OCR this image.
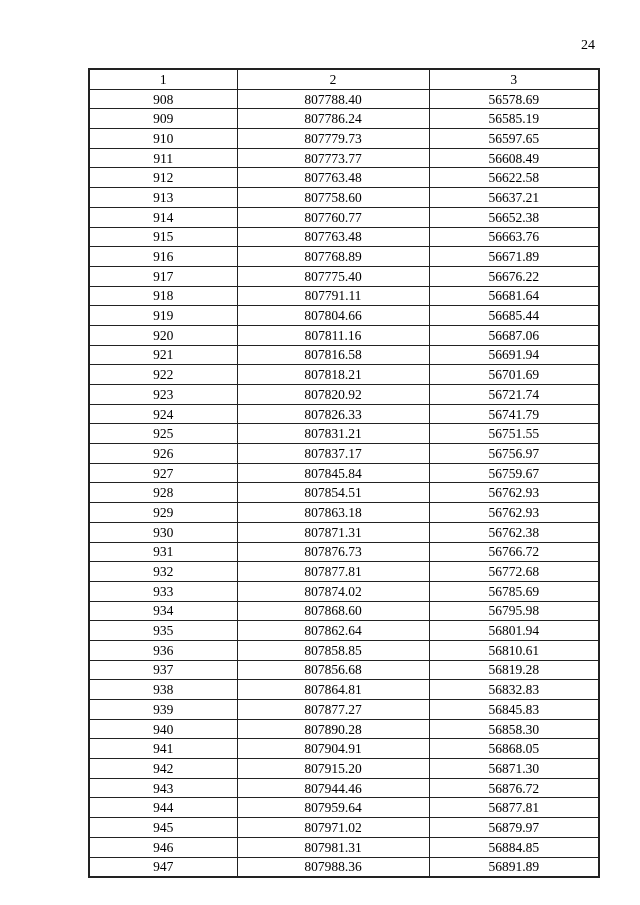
24
1	2	3
908	807788.40	56578.69
909	807786.24	56585.19
910	807779.73	56597.65
911	807773.77	56608.49
912	807763.48	56622.58
913	807758.60	56637.21
914	807760.77	56652.38
915	807763.48	56663.76
916	807768.89	56671.89
917	807775.40	56676.22
918	807791.11	56681.64
919	807804.66	56685.44
920	807811.16	56687.06
921	807816.58	56691.94
922	807818.21	56701.69
923	807820.92	56721.74
924	807826.33	56741.79
925	807831.21	56751.55
926	807837.17	56756.97
927	807845.84	56759.67
928	807854.51	56762.93
929	807863.18	56762.93
930	807871.31	56762.38
931	807876.73	56766.72
932	807877.81	56772.68
933	807874.02	56785.69
934	807868.60	56795.98
935	807862.64	56801.94
936	807858.85	56810.61
937	807856.68	56819.28
938	807864.81	56832.83
939	807877.27	56845.83
940	807890.28	56858.30
941	807904.91	56868.05
942	807915.20	56871.30
943	807944.46	56876.72
944	807959.64	56877.81
945	807971.02	56879.97
946	807981.31	56884.85
947	807988.36	56891.89
